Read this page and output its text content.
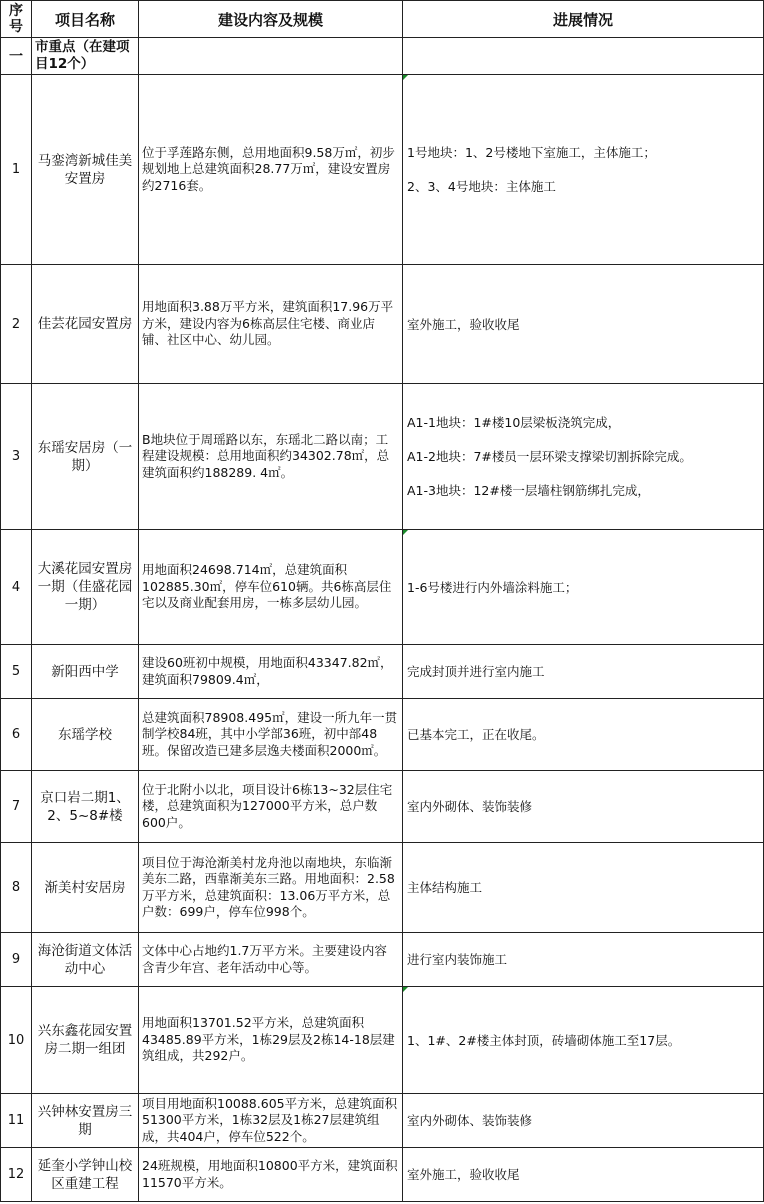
序
号	项目名称	建设内容及规模	进展情况
一	市重点（在建项目12个）		
1	马銮湾新城佳美安置房	位于孚莲路东侧，总用地面积9.58万㎡，初步规划地上总建筑面积28.77万㎡，建设安置房约2716套。	1号地块：1、2号楼地下室施工，主体施工；
2、3、4号地块：主体施工

2	佳芸花园安置房	用地面积3.88万平方米，建筑面积17.96万平方米，建设内容为6栋高层住宅楼、商业店铺、社区中心、幼儿园。	室外施工，验收收尾

3	东瑶安居房（一期）	B地块位于周瑶路以东，东瑶北二路以南；工程建设规模：总用地面积约34302.78㎡，总建筑面积约188289. 4㎡。	A1-1地块：1#楼10层梁板浇筑完成，
A1-2地块：7#楼员一层环梁支撑梁切割拆除完成。
A1-3地块：12#楼一层墙柱钢筋绑扎完成，

4	大溪花园安置房一期（佳盛花园一期）	用地面积24698.714㎡，总建筑面积102885.30㎡，停车位610辆。共6栋高层住宅以及商业配套用房，一栋多层幼儿园。	1-6号楼进行内外墙涂料施工；

5	新阳西中学	建设60班初中规模，用地面积43347.82㎡，建筑面积79809.4㎡，	完成封顶并进行室内施工

6	东瑶学校	总建筑面积78908.495㎡，建设一所九年一贯制学校84班，其中小学部36班，初中部48班。保留改造已建多层逸夫楼面积2000㎡。	已基本完工，正在收尾。

7	京口岩二期1、2、5~8#楼	位于北附小以北，项目设计6栋13~32层住宅楼，总建筑面积为127000平方米，总户数600户。	室内外砌体、装饰装修

8	渐美村安居房	项目位于海沧渐美村龙舟池以南地块，东临渐美东二路，西靠渐美东三路。用地面积：2.58万平方米，总建筑面积：13.06万平方米，总户数：699户，停车位998个。	主体结构施工

9	海沧街道文体活动中心	文体中心占地约1.7万平方米。主要建设内容含青少年宫、老年活动中心等。	进行室内装饰施工

10	兴东鑫花园安置房二期一组团	用地面积13701.52平方米，总建筑面积43485.89平方米，1栋29层及2栋14-18层建筑组成，共292户。	1、1#、2#楼主体封顶，砖墙砌体施工至17层。

11	兴钟林安置房三期	项目用地面积10088.605平方米，总建筑面积51300平方米，1栋32层及1栋27层建筑组成，共404户，停车位522个。	室内外砌体、装饰装修

12	延奎小学钟山校区重建工程	24班规模，用地面积10800平方米，建筑面积11570平方米。	室外施工，验收收尾
